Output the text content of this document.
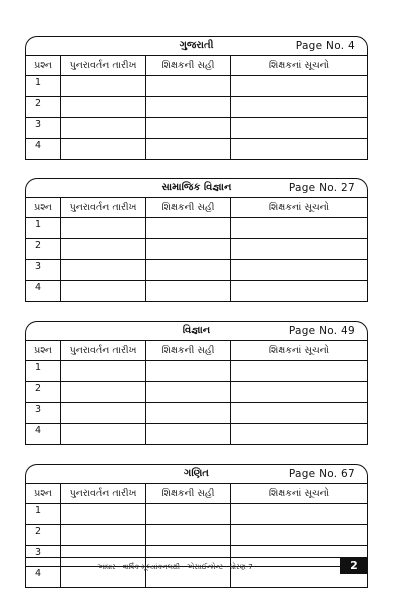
ગુજરાતી	Page No. 4
પ્રશ્ન	પુનરાવર્તન તારીખ	શિક્ષકની સહી	શિક્ષકનાં સૂચનો
1			
2			
3			
4			
સામાજિક વિજ્ઞાન	Page No. 27
પ્રશ્ન	પુનરાવર્તન તારીખ	શિક્ષકની સહી	શિક્ષકનાં સૂચનો
1			
2			
3			
4			
વિજ્ઞાન	Page No. 49
પ્રશ્ન	પુનરાવર્તન તારીખ	શિક્ષકની સહી	શિક્ષકનાં સૂચનો
1			
2			
3			
4			
ગણિત	Page No. 67
પ્રશ્ન	પુનરાવર્તન તારીખ	શિક્ષકની સહી	શિક્ષકનાં સૂચનો
1			
2			
3			
4			
આધાર - વાર્ષિક મૂલ્યાંકનલક્ષી - એસાઈન્મેન્ટ - ધોરણ-7	2
